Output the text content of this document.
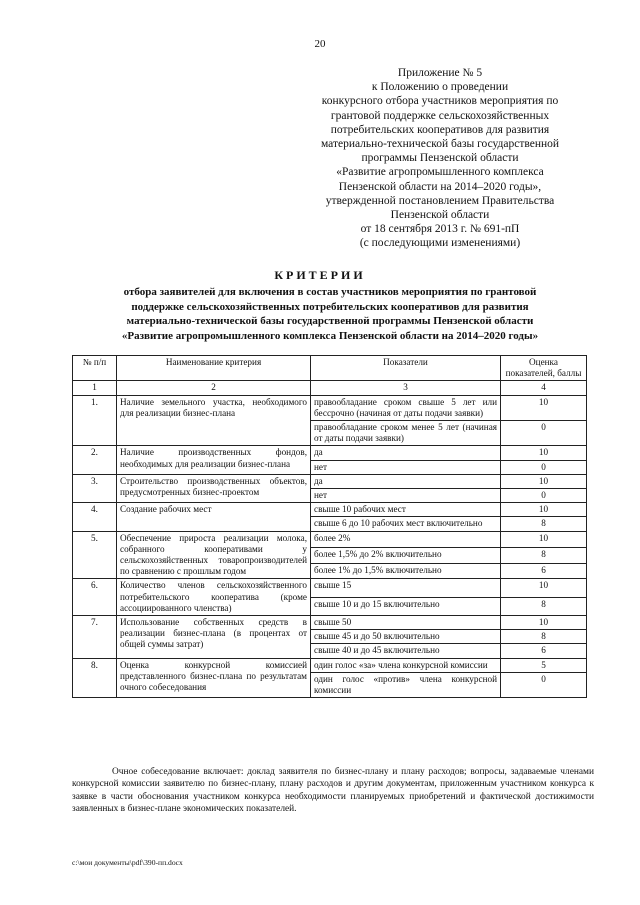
20
Приложение № 5
к Положению о проведении
конкурсного отбора участников мероприятия по
грантовой поддержке сельскохозяйственных
потребительских кооперативов для развития
материально-технической базы государственной
программы Пензенской области
«Развитие агропромышленного комплекса
Пензенской области на 2014–2020 годы»,
утвержденной постановлением Правительства
Пензенской области
от 18 сентября 2013 г. № 691-пП
(с последующими изменениями)
КРИТЕРИИ
отбора заявителей для включения в состав участников мероприятия по грантовой
поддержке сельскохозяйственных потребительских кооперативов для развития
материально-технической базы государственной программы Пензенской области
«Развитие агропромышленного комплекса Пензенской области на 2014–2020 годы»
№ п/п	Наименование критерия	Показатели	Оценка показателей, баллы
1	2	3	4
1.	Наличие земельного участка, необходимого для реализации бизнес-плана	правообладание сроком свыше 5 лет или бессрочно (начиная от даты подачи заявки)	10
		правообладание сроком менее 5 лет (начиная от даты подачи заявки)	0
2.	Наличие производственных фондов, необходимых для реализации бизнес-плана	да	10
		нет	0
3.	Строительство производственных объектов, предусмотренных бизнес-проектом	да	10
		нет	0
4.	Создание рабочих мест	свыше 10 рабочих мест	10
		свыше 6 до 10 рабочих мест включительно	8
5.	Обеспечение прироста реализации молока, собранного кооперативами у сельскохозяйственных товаропроизводителей по сравнению с прошлым годом	более 2%	10
		более 1,5% до 2% включительно	8
		более 1% до 1,5% включительно	6
6.	Количество членов сельскохозяйственного потребительского кооператива (кроме ассоциированного членства)	свыше 15	10
		свыше 10 и до 15 включительно	8
7.	Использование собственных средств в реализации бизнес-плана (в процентах от общей суммы затрат)	свыше 50	10
		свыше 45 и до 50 включительно	8
		свыше 40 и до 45 включительно	6
8.	Оценка конкурсной комиссией представленного бизнес-плана по результатам очного собеседования	один голос «за» члена конкурсной комиссии	5
		один голос «против» члена конкурсной комиссии	0
Очное собеседование включает: доклад заявителя по бизнес-плану и плану расходов; вопросы, задаваемые членами конкурсной комиссии заявителю по бизнес-плану, плану расходов и другим документам, приложенным участником конкурса к заявке в части обоснования участником конкурса необходимости планируемых приобретений и фактической достижимости заявленных в бизнес-плане экономических показателей.
c:\мои документы\pdf\390-пп.docx
